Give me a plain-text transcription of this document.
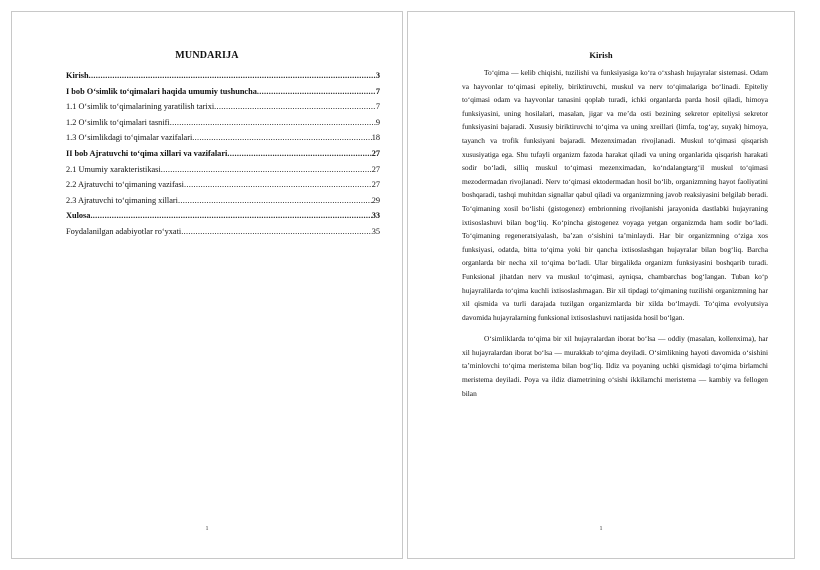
MUNDARIJA
Kirish .....	3
I bob O‘simlik to‘qimalari haqida umumiy tushuncha .....	7
1.1 O‘simlik to‘qimalarining yaratilish tarixi .....	7
1.2 O‘simlik to‘qimalari tasnifi .....	9
1.3 O‘simlikdagi to‘qimalar vazifalari .....	18
II bob Ajratuvchi to‘qima xillari va vazifalari .....	27
2.1 Umumiy xarakteristikasi .....	27
2.2 Ajratuvchi to‘qimaning vazifasi .....	27
2.3 Ajratuvchi to‘qimaning xillari .....	29
Xulosa .....	33
Foydalanilgan adabiyotlar ro‘yxati .....	35
1
Kirish

To‘qima — kelib chiqishi, tuzilishi va funksiyasiga ko‘ra o‘xshash hujayralar sistemasi. Odam va hayvonlar to‘qimasi epiteliy, biriktiruvchi, muskul va nerv to‘qimalariga bo‘linadi. Epiteliy to‘qimasi odam va hayvonlar tanasini qoplab turadi, ichki organlarda parda hosil qiladi, himoya funksiyasini, uning hosilalari, masalan, jigar va me’da osti bezining sekretor epiteliysi sekretor funksiyasini bajaradi. Xususiy biriktiruvchi to‘qima va uning xreillari (limfa, tog‘ay, suyak) himoya, tayanch va trofik funksiyani bajaradi. Mezenximadan rivojlanadi. Muskul to‘qimasi qisqarish xususiyatiga ega. Shu tufayli organizm fazoda harakat qiladi va uning organlarida qisqarish harakati sodir bo‘ladi, silliq muskul to‘qimasi mezenximadan, ko‘ndalangtarg‘il muskul to‘qimasi mezodermadan rivojlanadi. Nerv to‘qimasi ektodermadan hosil bo‘lib, organizmning hayot faoliyatini boshqaradi, tashqi muhitdan signallar qabul qiladi va organizmning javob reaksiyasini belgilab beradi. To‘qimaning xosil bo‘lishi (gistogenez) embrionning rivojlanishi jarayonida dastlabki hujayraning ixtisoslashuvi bilan bog‘liq. Ko‘pincha gistogenez voyaga yetgan organizmda ham sodir bo‘ladi. To‘qimaning regeneratsiyalash, ba’zan o‘sishini ta’minlaydi. Har bir organizmning o‘ziga xos funksiyasi, odatda, bitta to‘qima yoki bir qancha ixtisoslashgan hujayralar bilan bog‘liq. Barcha organlarda bir necha xil to‘qima bo‘ladi. Ular birgalikda organizm funksiyasini boshqarib turadi. Funksional jihatdan nerv va muskul to‘qimasi, ayniqsa, chambarchas bog‘langan. Tuban ko‘p hujayralilarda to‘qima kuchli ixtisoslashmagan. Bir xil tipdagi to‘qimaning tuzilishi organizmning har xil qismida va turli darajada tuzilgan organizmlarda bir xilda bo‘lmaydi. To‘qima evolyutsiya davomida hujayralarning funksional ixtisoslashuvi natijasida hosil bo‘lgan.

O‘simliklarda to‘qima bir xil hujayralardan iborat bo‘lsa — oddiy (masalan, kollenxima), har xil hujayralardan iborat bo‘lsa — murakkab to‘qima deyiladi. O‘simlikning hayoti davomida o‘sishini ta’minlovchi to‘qima meristema bilan bog‘liq. Ildiz va poyaning uchki qismidagi to‘qima birlamchi meristema deyiladi. Poya va ildiz diametrining o‘sishi ikkilamchi meristema — kambiy va fellogen bilan

1
